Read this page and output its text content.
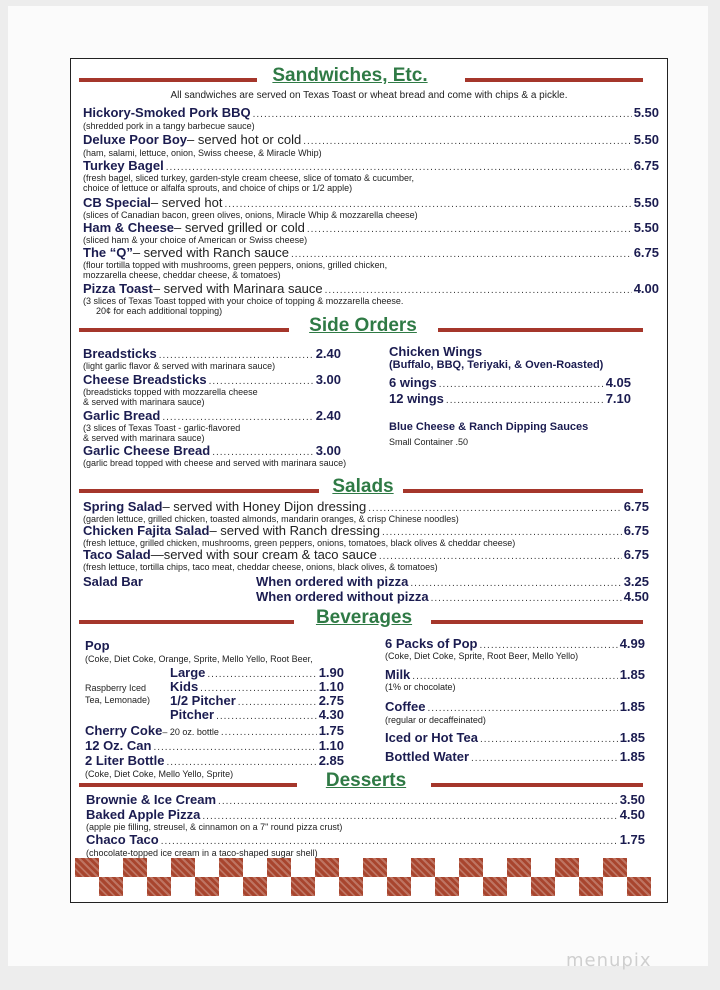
Sandwiches, Etc.
All sandwiches are served on Texas Toast or wheat bread and come with chips & a pickle.
Hickory-Smoked Pork BBQ .....	5.50
(shredded pork in a tangy barbecue sauce)
Deluxe Poor Boy – served hot or cold .....	5.50
(ham, salami, lettuce, onion, Swiss cheese, & Miracle Whip)
Turkey Bagel .....	6.75
(fresh bagel, sliced turkey, garden-style cream cheese, slice of tomato & cucumber,
choice of lettuce or alfalfa sprouts, and choice of chips or 1/2 apple)
CB Special – served hot .....	5.50
(slices of Canadian bacon, green olives, onions, Miracle Whip & mozzarella cheese)
Ham & Cheese – served grilled or cold .....	5.50
(sliced ham & your choice of American or Swiss cheese)
The “Q” – served with Ranch sauce .....	6.75
(flour tortilla topped with mushrooms, green peppers, onions, grilled chicken,
mozzarella cheese, cheddar cheese, & tomatoes)
Pizza Toast – served with Marinara sauce .....	4.00
(3 slices of Texas Toast topped with your choice of topping & mozzarella cheese.
20¢ for each additional topping)
Side Orders
Breadsticks .....	2.40
(light garlic flavor & served with marinara sauce)
Cheese Breadsticks .....	3.00
(breadsticks topped with mozzarella cheese
& served with marinara sauce)
Garlic Bread .....	2.40
(3 slices of Texas Toast - garlic-flavored
& served with marinara sauce)
Garlic Cheese Bread .....	3.00
(garlic bread topped with cheese and served with marinara sauce)
Chicken Wings
(Buffalo, BBQ, Teriyaki, & Oven-Roasted)
6 wings .....	4.05
12 wings .....	7.10
Blue Cheese & Ranch Dipping Sauces
Small Container .50
Salads
Spring Salad – served with Honey Dijon dressing .....	6.75
(garden lettuce, grilled chicken, toasted almonds, mandarin oranges, & crisp Chinese noodles)
Chicken Fajita Salad – served with Ranch dressing .....	6.75
(fresh lettuce, grilled chicken, mushrooms, green peppers, onions, tomatoes, black olives & cheddar cheese)
Taco Salad —served with sour cream & taco sauce .....	6.75
(fresh lettuce, tortilla chips, taco meat, cheddar cheese, onions, black olives, & tomatoes)
Salad Bar	When ordered with pizza .....	3.25
When ordered without pizza .....	4.50
Beverages
Pop
(Coke, Diet Coke, Orange, Sprite, Mello Yello, Root Beer,
Raspberry Iced
Tea, Lemonade)
Large .....	1.90
Kids .....	1.10
1/2 Pitcher .....	2.75
Pitcher .....	4.30
Cherry Coke – 20 oz. bottle .....	1.75
12 Oz. Can .....	1.10
2 Liter Bottle .....	2.85
(Coke, Diet Coke, Mello Yello, Sprite)
6 Packs of Pop .....	4.99
(Coke, Diet Coke, Sprite, Root Beer, Mello Yello)
Milk .....	1.85
(1% or chocolate)
Coffee .....	1.85
(regular or decaffeinated)
Iced or Hot Tea .....	1.85
Bottled Water .....	1.85
Desserts
Brownie & Ice Cream .....	3.50
Baked Apple Pizza .....	4.50
(apple pie filling, streusel, & cinnamon on a 7" round pizza crust)
Chaco Taco .....	1.75
(chocolate-topped ice cream in a taco-shaped sugar shell)
menupix
